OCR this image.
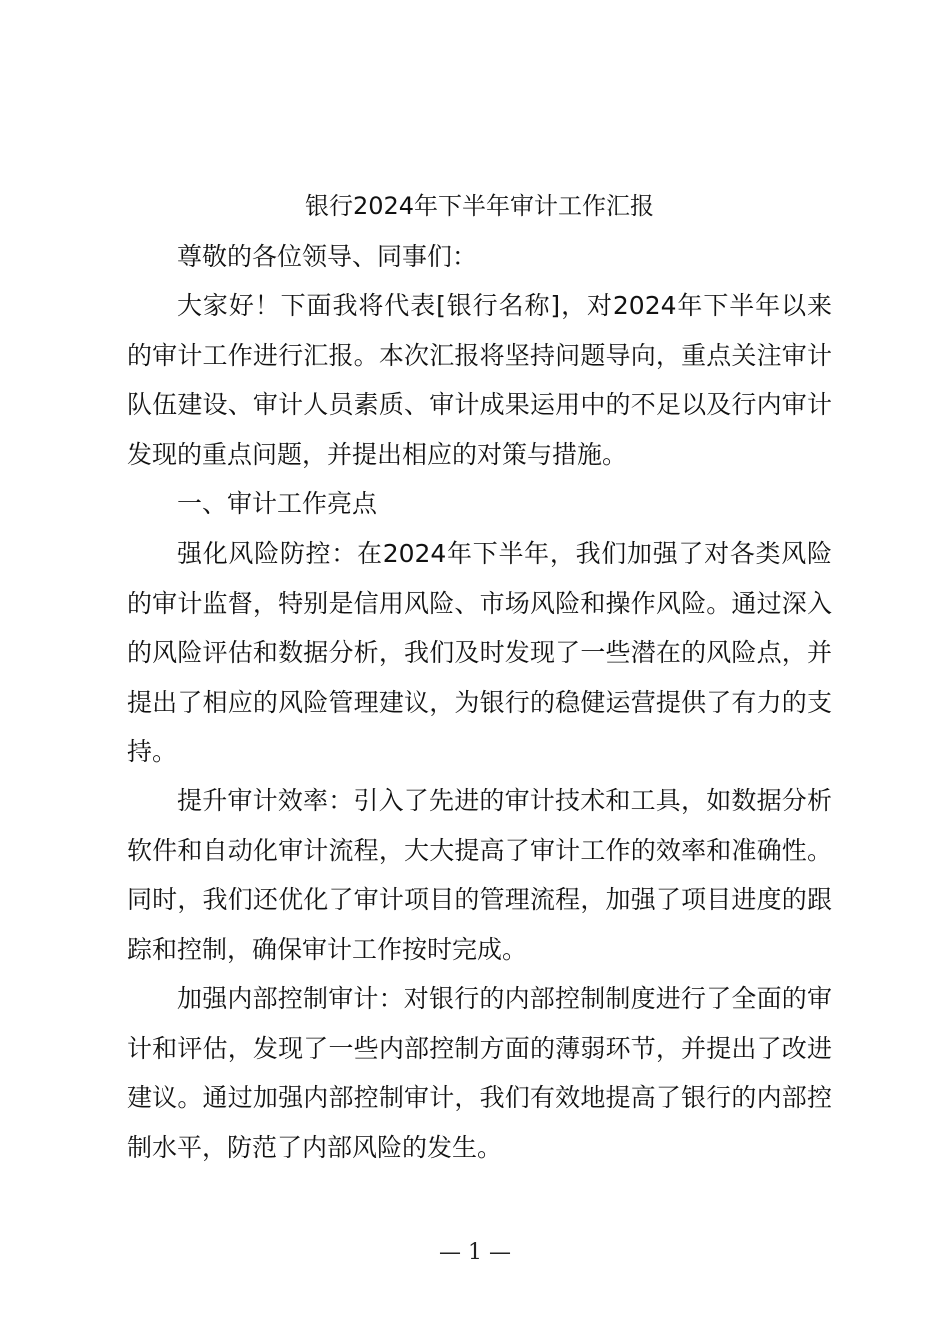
银行2024年下半年审计工作汇报

尊敬的各位领导、同事们：

大家好！下面我将代表[银行名称]，对2024年下半年以来的审计工作进行汇报。本次汇报将坚持问题导向，重点关注审计队伍建设、审计人员素质、审计成果运用中的不足以及行内审计发现的重点问题，并提出相应的对策与措施。

一、审计工作亮点

强化风险防控：在2024年下半年，我们加强了对各类风险的审计监督，特别是信用风险、市场风险和操作风险。通过深入的风险评估和数据分析，我们及时发现了一些潜在的风险点，并提出了相应的风险管理建议，为银行的稳健运营提供了有力的支持。

提升审计效率：引入了先进的审计技术和工具，如数据分析软件和自动化审计流程，大大提高了审计工作的效率和准确性。同时，我们还优化了审计项目的管理流程，加强了项目进度的跟踪和控制，确保审计工作按时完成。

加强内部控制审计：对银行的内部控制制度进行了全面的审计和评估，发现了一些内部控制方面的薄弱环节，并提出了改进建议。通过加强内部控制审计，我们有效地提高了银行的内部控制水平，防范了内部风险的发生。

— 1 —
